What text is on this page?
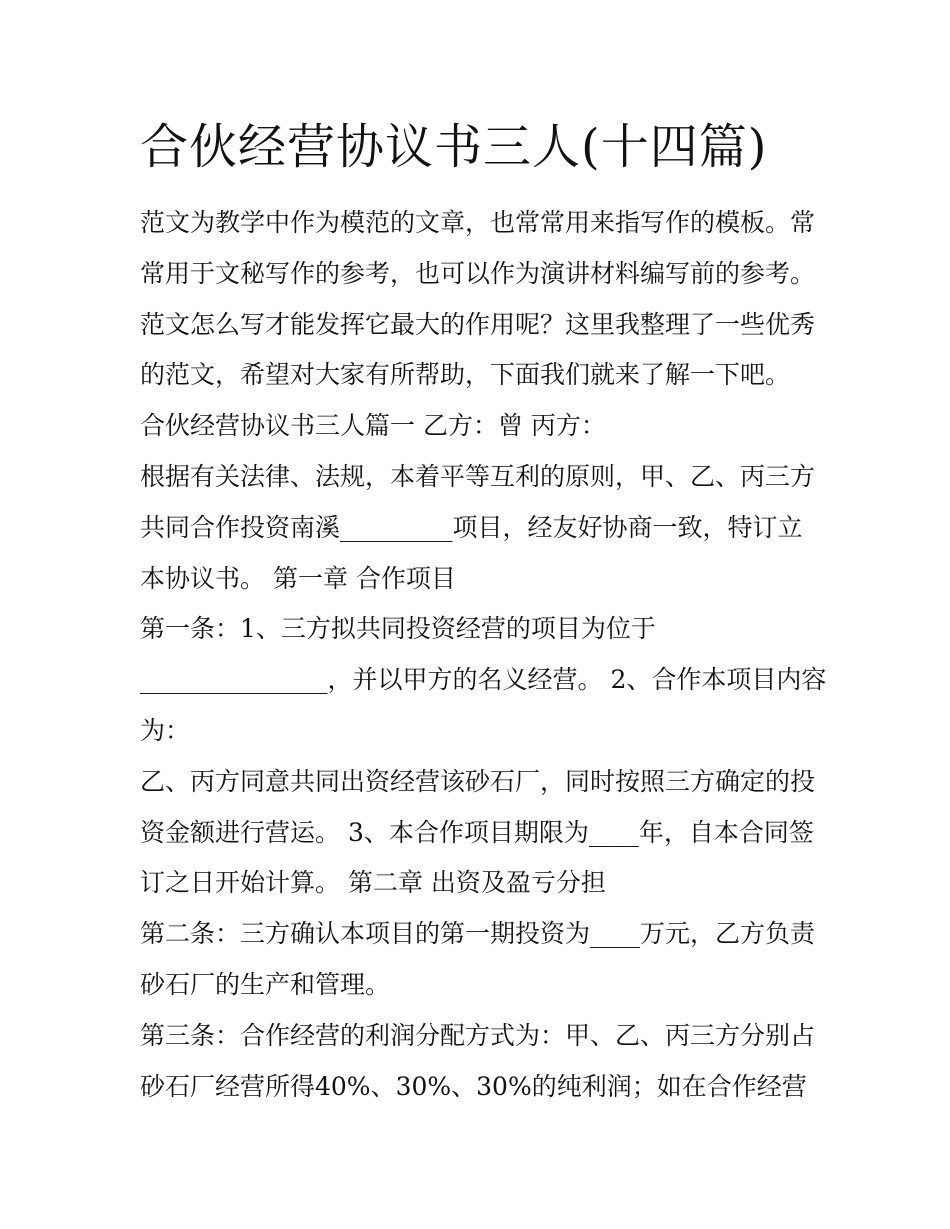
合伙经营协议书三人(十四篇)

范文为教学中作为模范的文章，也常常用来指写作的模板。常

常用于文秘写作的参考，也可以作为演讲材料编写前的参考。

范文怎么写才能发挥它最大的作用呢？这里我整理了一些优秀

的范文，希望对大家有所帮助，下面我们就来了解一下吧。

合伙经营协议书三人篇一 乙方：曾 丙方：

根据有关法律、法规，本着平等互利的原则，甲、乙、丙三方

共同合作投资南溪_________项目，经友好协商一致，特订立

本协议书。 第一章 合作项目

第一条：1、三方拟共同投资经营的项目为位于

_______________，并以甲方的名义经营。 2、合作本项目内容

为：

乙、丙方同意共同出资经营该砂石厂，同时按照三方确定的投

资金额进行营运。 3、本合作项目期限为____年，自本合同签

订之日开始计算。 第二章 出资及盈亏分担

第二条：三方确认本项目的第一期投资为____万元，乙方负责

砂石厂的生产和管理。

第三条：合作经营的利润分配方式为：甲、乙、丙三方分别占

砂石厂经营所得40%、30%、30%的纯利润；如在合作经营
